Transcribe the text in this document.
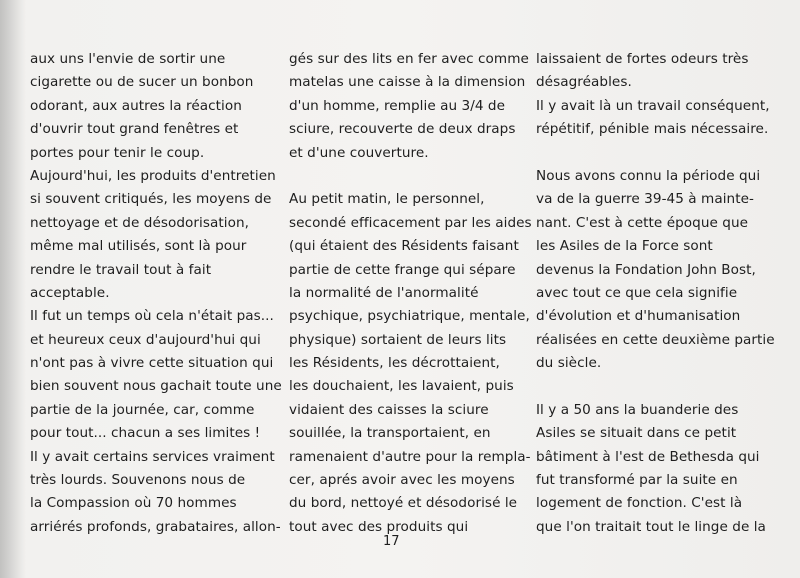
aux uns l'envie de sortir une
cigarette ou de sucer un bonbon
odorant, aux autres la réaction
d'ouvrir tout grand fenêtres et
portes pour tenir le coup.
Aujourd'hui, les produits d'entretien
si souvent critiqués, les moyens de
nettoyage et de désodorisation,
même mal utilisés, sont là pour
rendre le travail tout à fait
acceptable.
Il fut un temps où cela n'était pas...
et heureux ceux d'aujourd'hui qui
n'ont pas à vivre cette situation qui
bien souvent nous gachait toute une
partie de la journée, car, comme
pour tout... chacun a ses limites !
Il y avait certains services vraiment
très lourds. Souvenons nous de
la Compassion où 70 hommes
arriérés profonds, grabataires, allon-
gés sur des lits en fer avec comme
matelas une caisse à la dimension
d'un homme, remplie au 3/4 de
sciure, recouverte de deux draps
et d'une couverture.
Au petit matin, le personnel,
secondé efficacement par les aides
(qui étaient des Résidents faisant
partie de cette frange qui sépare
la normalité de l'anormalité
psychique, psychiatrique, mentale,
physique) sortaient de leurs lits
les Résidents, les décrottaient,
les douchaient, les lavaient, puis
vidaient des caisses la sciure
souillée, la transportaient, en
ramenaient d'autre pour la rempla-
cer, aprés avoir avec les moyens
du bord, nettoyé et désodorisé le
tout avec des produits qui
laissaient de fortes odeurs très
désagréables.
Il y avait là un travail conséquent,
répétitif, pénible mais nécessaire.
Nous avons connu la période qui
va de la guerre 39-45 à mainte-
nant. C'est à cette époque que
les Asiles de la Force sont
devenus la Fondation John Bost,
avec tout ce que cela signifie
d'évolution et d'humanisation
réalisées en cette deuxième partie
du siècle.
Il y a 50 ans la buanderie des
Asiles se situait dans ce petit
bâtiment à l'est de Bethesda qui
fut transformé par la suite en
logement de fonction. C'est là
que l'on traitait tout le linge de la
17
